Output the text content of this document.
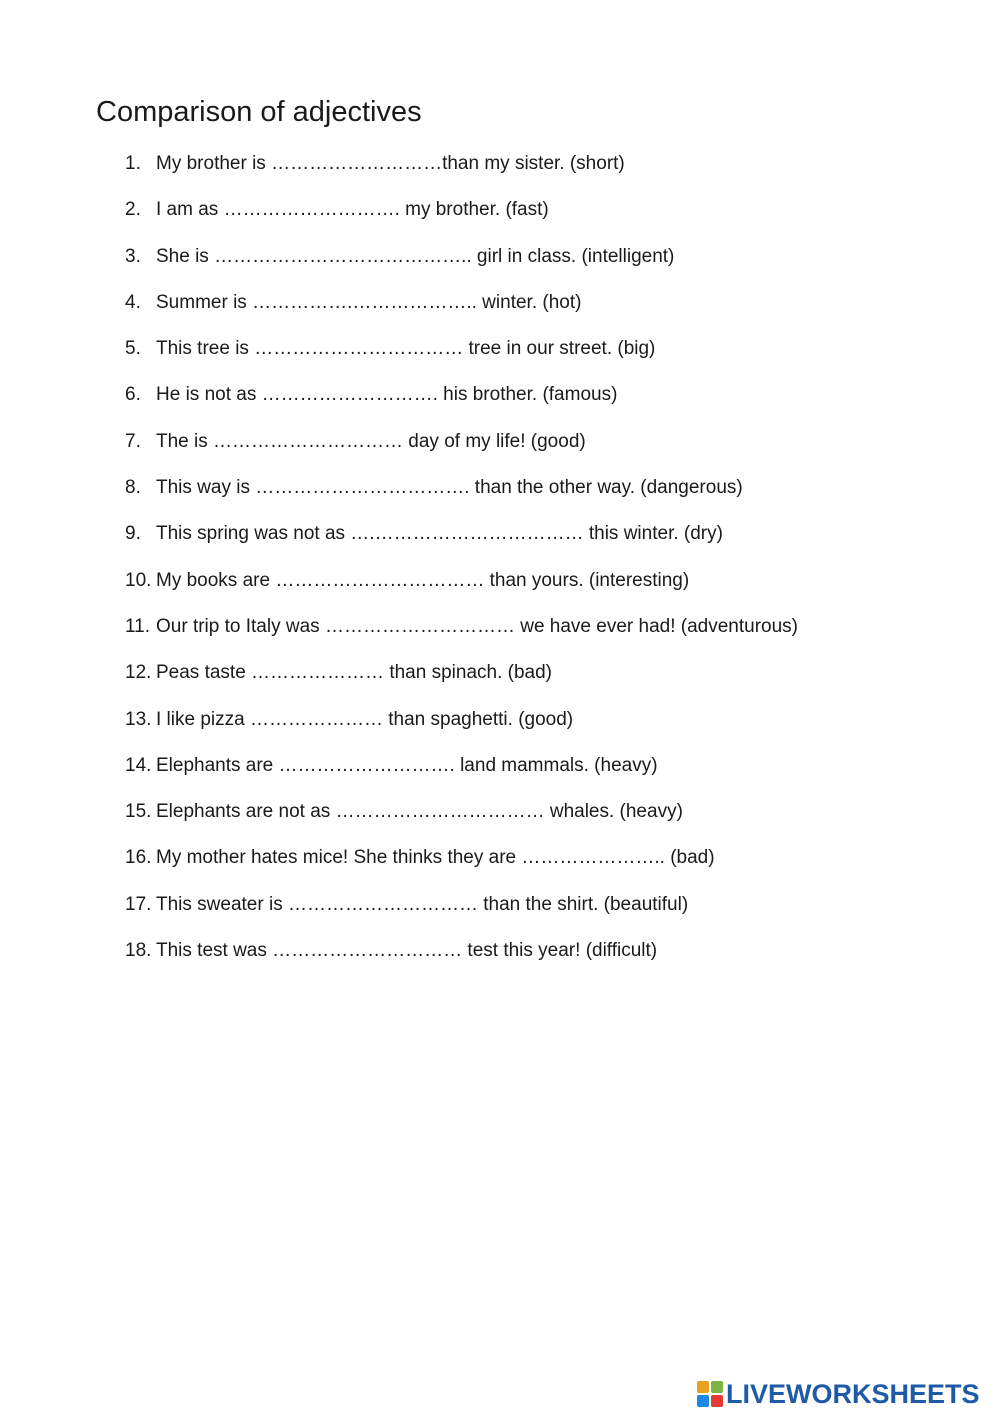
Comparison of adjectives
1. My brother is ………………………than my sister. (short)
2. I am as ………………………. my brother. (fast)
3. She is ………………………………….. girl in class. (intelligent)
4. Summer is …………….……………….. winter. (hot)
5. This tree is …………………………… tree in our street. (big)
6. He is not as ………………………. his brother. (famous)
7. The is ………………………… day of my life! (good)
8. This way is ……………………………. than the other way. (dangerous)
9. This spring was not as ….…………………………… this winter. (dry)
10. My books are …………………………… than yours. (interesting)
11. Our trip to Italy was ………………………… we have ever had! (adventurous)
12. Peas taste ………………… than spinach. (bad)
13. I like pizza ………………… than spaghetti. (good)
14. Elephants are ………………………. land mammals. (heavy)
15. Elephants are not as …………………………… whales. (heavy)
16. My mother hates mice! She thinks they are ………………….. (bad)
17. This sweater is ………………………… than the shirt. (beautiful)
18. This test was ………………………… test this year! (difficult)
LIVEWORKSHEETS
